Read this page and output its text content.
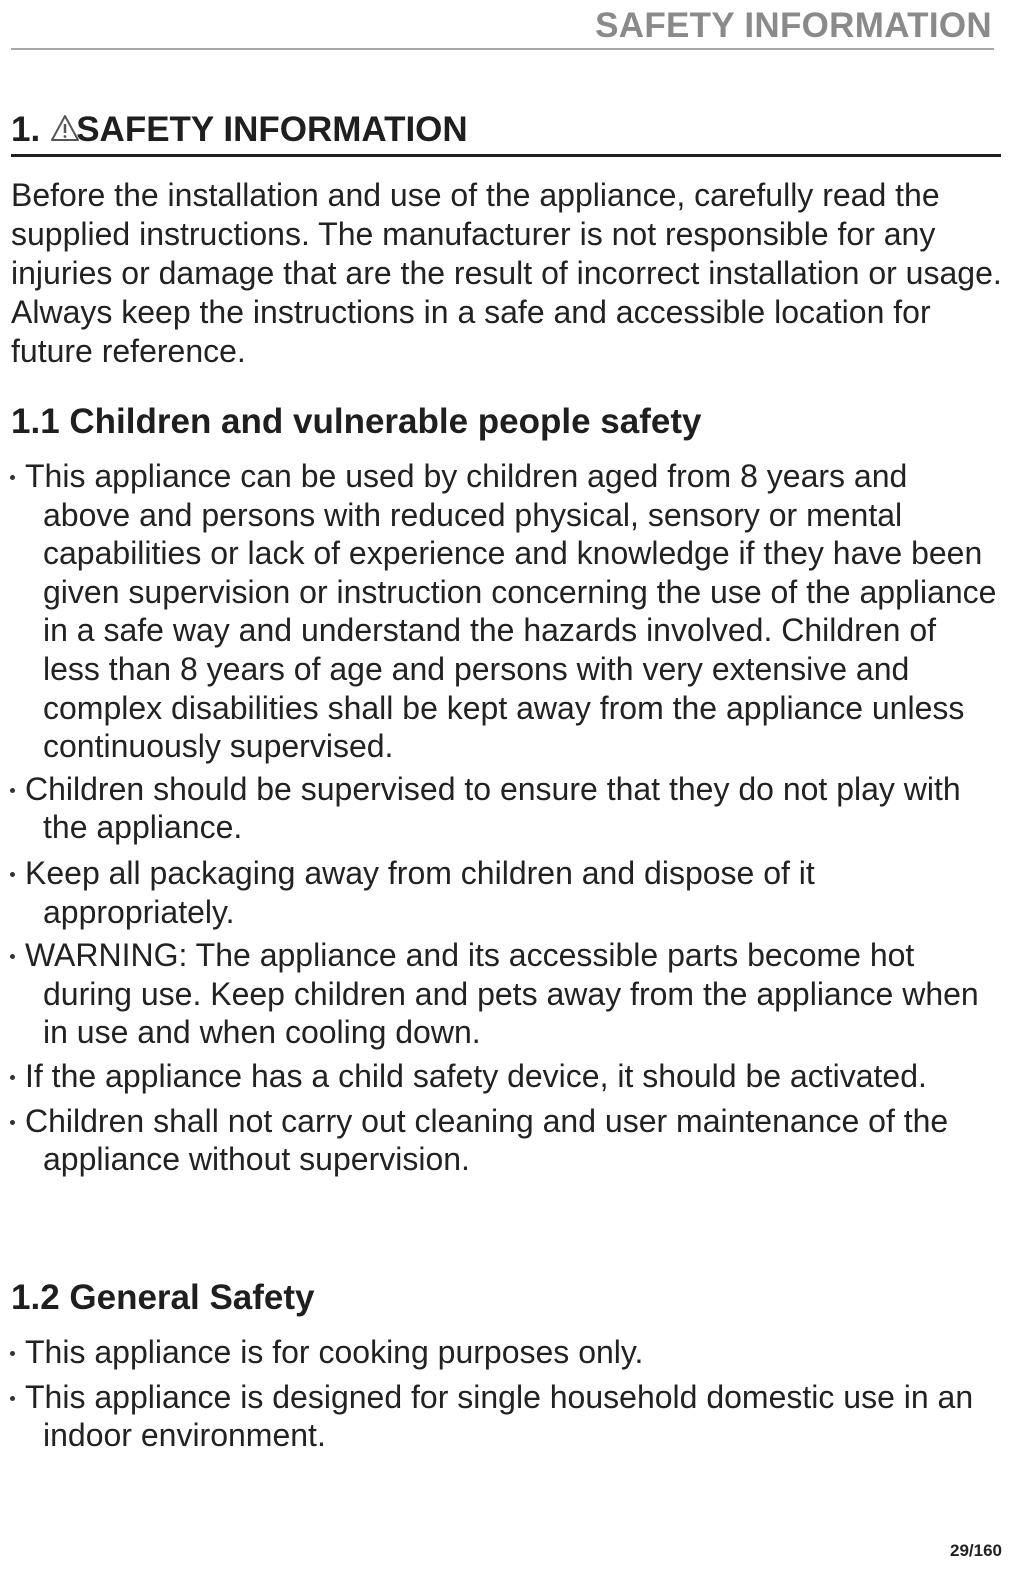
SAFETY INFORMATION
1. SAFETY INFORMATION

Before the installation and use of the appliance, carefully read the supplied instructions. The manufacturer is not responsible for any injuries or damage that are the result of incorrect installation or usage. Always keep the instructions in a safe and accessible location for future reference.

1.1 Children and vulnerable people safety
This appliance can be used by children aged from 8 years and above and persons with reduced physical, sensory or mental capabilities or lack of experience and knowledge if they have been given supervision or instruction concerning the use of the appliance in a safe way and understand the hazards involved. Children of less than 8 years of age and persons with very extensive and complex disabilities shall be kept away from the appliance unless continuously supervised.
Children should be supervised to ensure that they do not play with the appliance.
Keep all packaging away from children and dispose of it appropriately.
WARNING: The appliance and its accessible parts become hot during use. Keep children and pets away from the appliance when in use and when cooling down.
If the appliance has a child safety device, it should be activated.
Children shall not carry out cleaning and user maintenance of the appliance without supervision.
1.2 General Safety
This appliance is for cooking purposes only.
This appliance is designed for single household domestic use in an indoor environment.
29/160
